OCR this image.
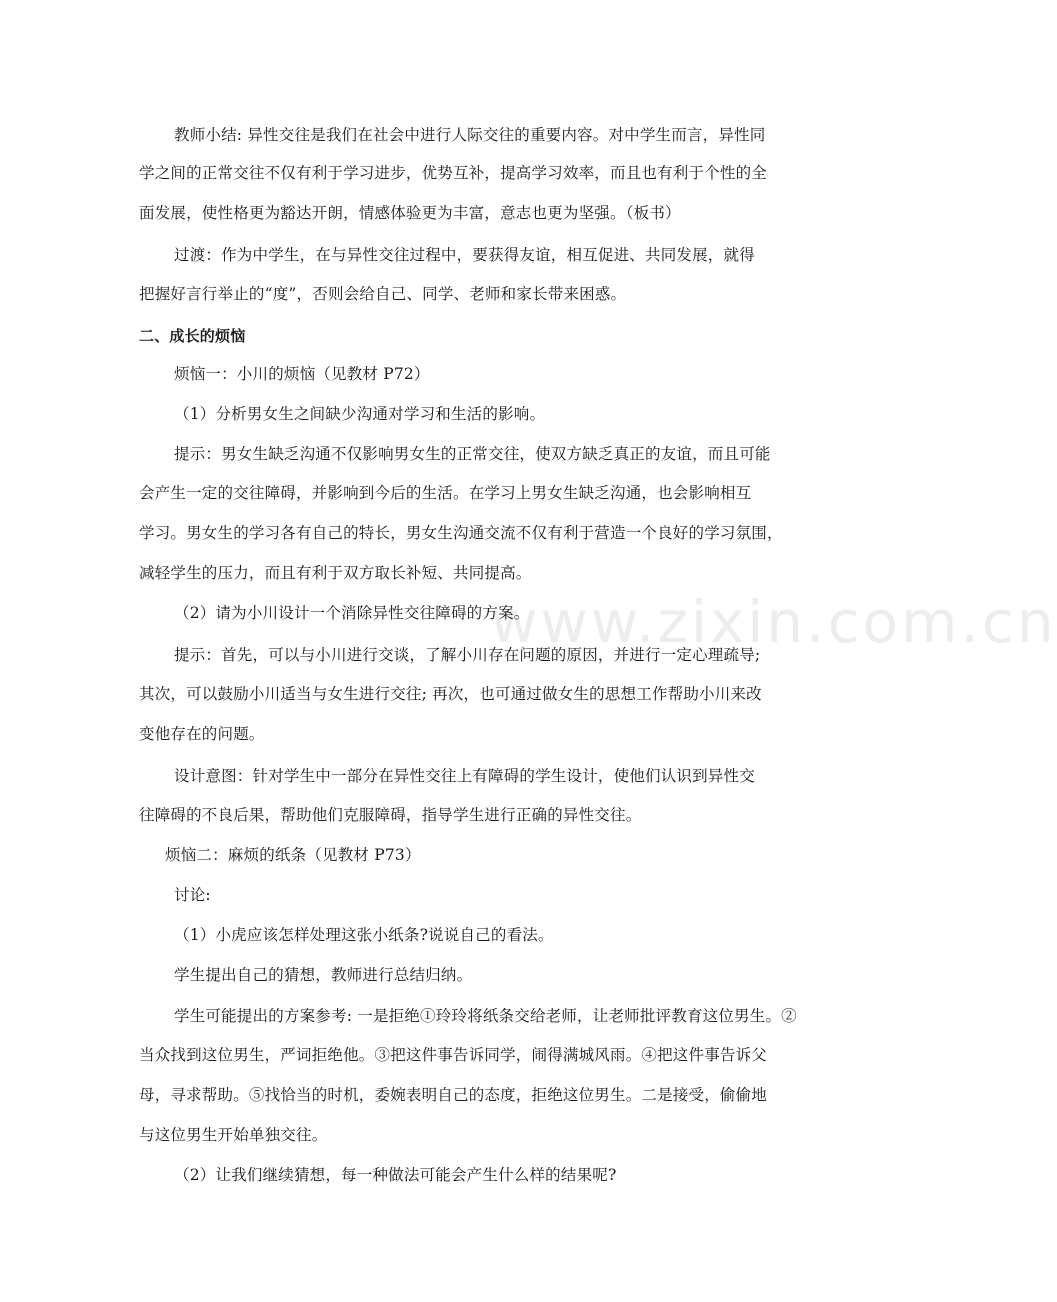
www.zixin.com.cn
教师小结: 异性交往是我们在社会中进行人际交往的重要内容。对中学生而言，异性同
学之间的正常交往不仅有利于学习进步，优势互补，提高学习效率，而且也有利于个性的全
面发展，使性格更为豁达开朗，情感体验更为丰富，意志也更为坚强。（板书）
过渡：作为中学生，在与异性交往过程中，要获得友谊，相互促进、共同发展，就得
把握好言行举止的“度”，否则会给自己、同学、老师和家长带来困惑。
二、成长的烦恼
烦恼一：小川的烦恼（见教材 P72）
（1）分析男女生之间缺少沟通对学习和生活的影响。
提示：男女生缺乏沟通不仅影响男女生的正常交往，使双方缺乏真正的友谊，而且可能
会产生一定的交往障碍，并影响到今后的生活。在学习上男女生缺乏沟通，也会影响相互
学习。男女生的学习各有自己的特长，男女生沟通交流不仅有利于营造一个良好的学习氛围，
减轻学生的压力，而且有利于双方取长补短、共同提高。
（2）请为小川设计一个消除异性交往障碍的方案。
提示：首先，可以与小川进行交谈，了解小川存在问题的原因，并进行一定心理疏导;
其次，可以鼓励小川适当与女生进行交往; 再次，也可通过做女生的思想工作帮助小川来改
变他存在的问题。
设计意图：针对学生中一部分在异性交往上有障碍的学生设计，使他们认识到异性交
往障碍的不良后果，帮助他们克服障碍，指导学生进行正确的异性交往。
烦恼二：麻烦的纸条（见教材 P73）
讨论:
（1）小虎应该怎样处理这张小纸条?说说自己的看法。
学生提出自己的猜想，教师进行总结归纳。
学生可能提出的方案参考: 一是拒绝①玲玲将纸条交给老师，让老师批评教育这位男生。②
当众找到这位男生，严词拒绝他。③把这件事告诉同学，闹得满城风雨。④把这件事告诉父
母，寻求帮助。⑤找恰当的时机，委婉表明自己的态度，拒绝这位男生。二是接受，偷偷地
与这位男生开始单独交往。
（2）让我们继续猜想，每一种做法可能会产生什么样的结果呢?
